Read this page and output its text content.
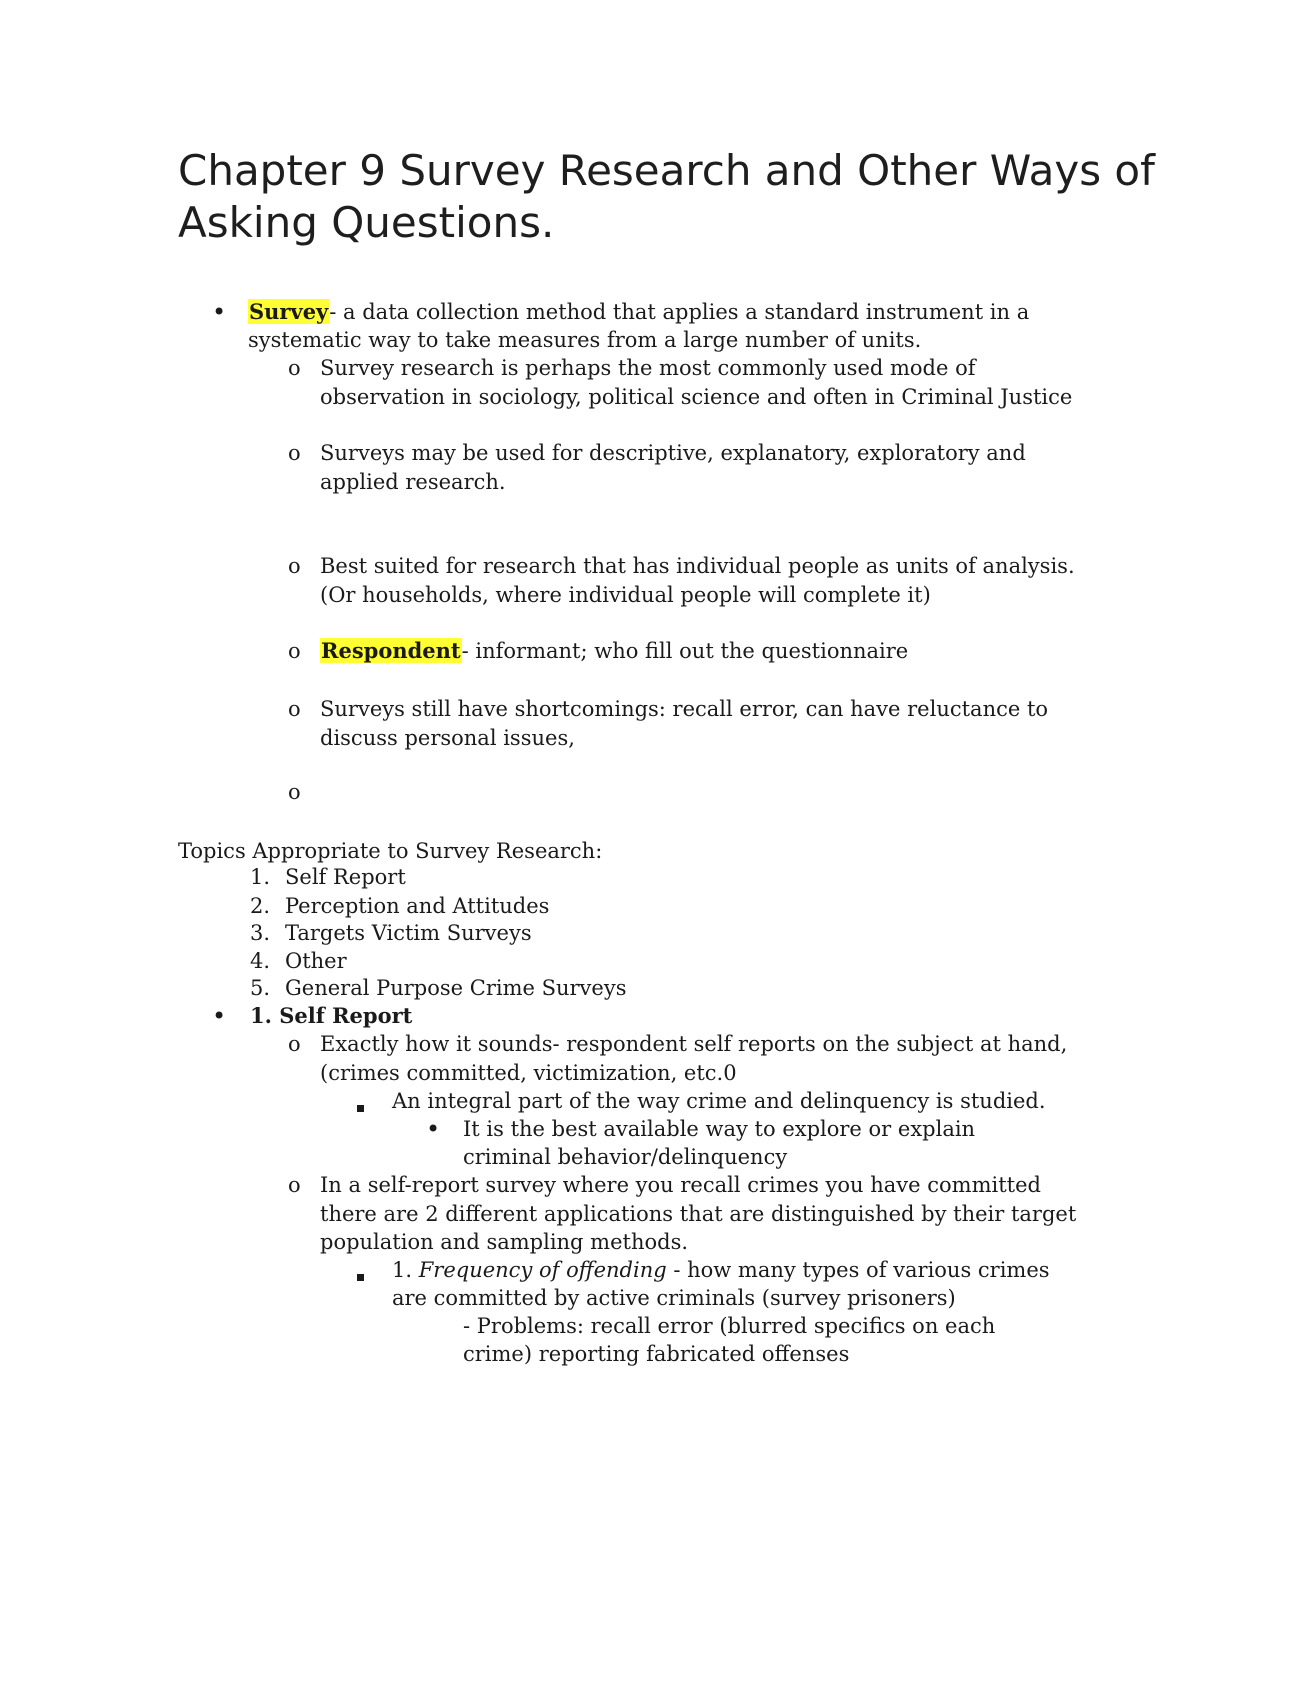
Chapter 9 Survey Research and Other Ways of
Asking Questions.
• Survey- a data collection method that applies a standard instrument in a
systematic way to take measures from a large number of units.
o Survey research is perhaps the most commonly used mode of
observation in sociology, political science and often in Criminal Justice
o Surveys may be used for descriptive, explanatory, exploratory and
applied research.
o Best suited for research that has individual people as units of analysis.
(Or households, where individual people will complete it)
o Respondent- informant; who fill out the questionnaire
o Surveys still have shortcomings: recall error, can have reluctance to
discuss personal issues,
o
Topics Appropriate to Survey Research:
1. Self Report
2. Perception and Attitudes
3. Targets Victim Surveys
4. Other
5. General Purpose Crime Surveys
• 1. Self Report
o Exactly how it sounds- respondent self reports on the subject at hand,
(crimes committed, victimization, etc.0
An integral part of the way crime and delinquency is studied.
• It is the best available way to explore or explain
criminal behavior/delinquency
o In a self-report survey where you recall crimes you have committed
there are 2 different applications that are distinguished by their target
population and sampling methods.
1. Frequency of offending - how many types of various crimes
are committed by active criminals (survey prisoners)
- Problems: recall error (blurred specifics on each
crime) reporting fabricated offenses
